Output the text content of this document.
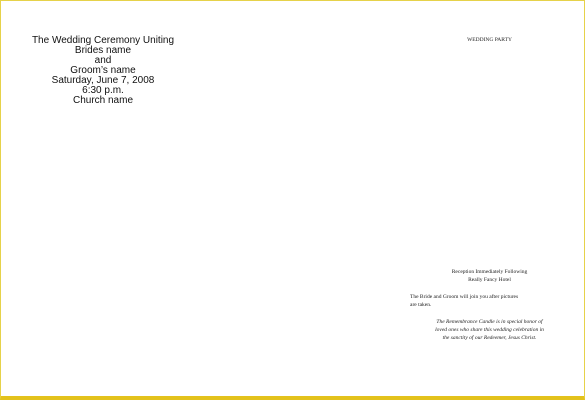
The Wedding Ceremony Uniting
Brides name
and
Groom’s name
Saturday, June 7, 2008
6:30 p.m.
Church name
WEDDING PARTY
Reception Immediately Following
Really Fancy Hotel
The Bride and Groom will join you after pictures
are taken.
The Remembrance Candle is in special honor of
loved ones who share this wedding celebration in
the sanctity of our Redeemer, Jesus Christ.
